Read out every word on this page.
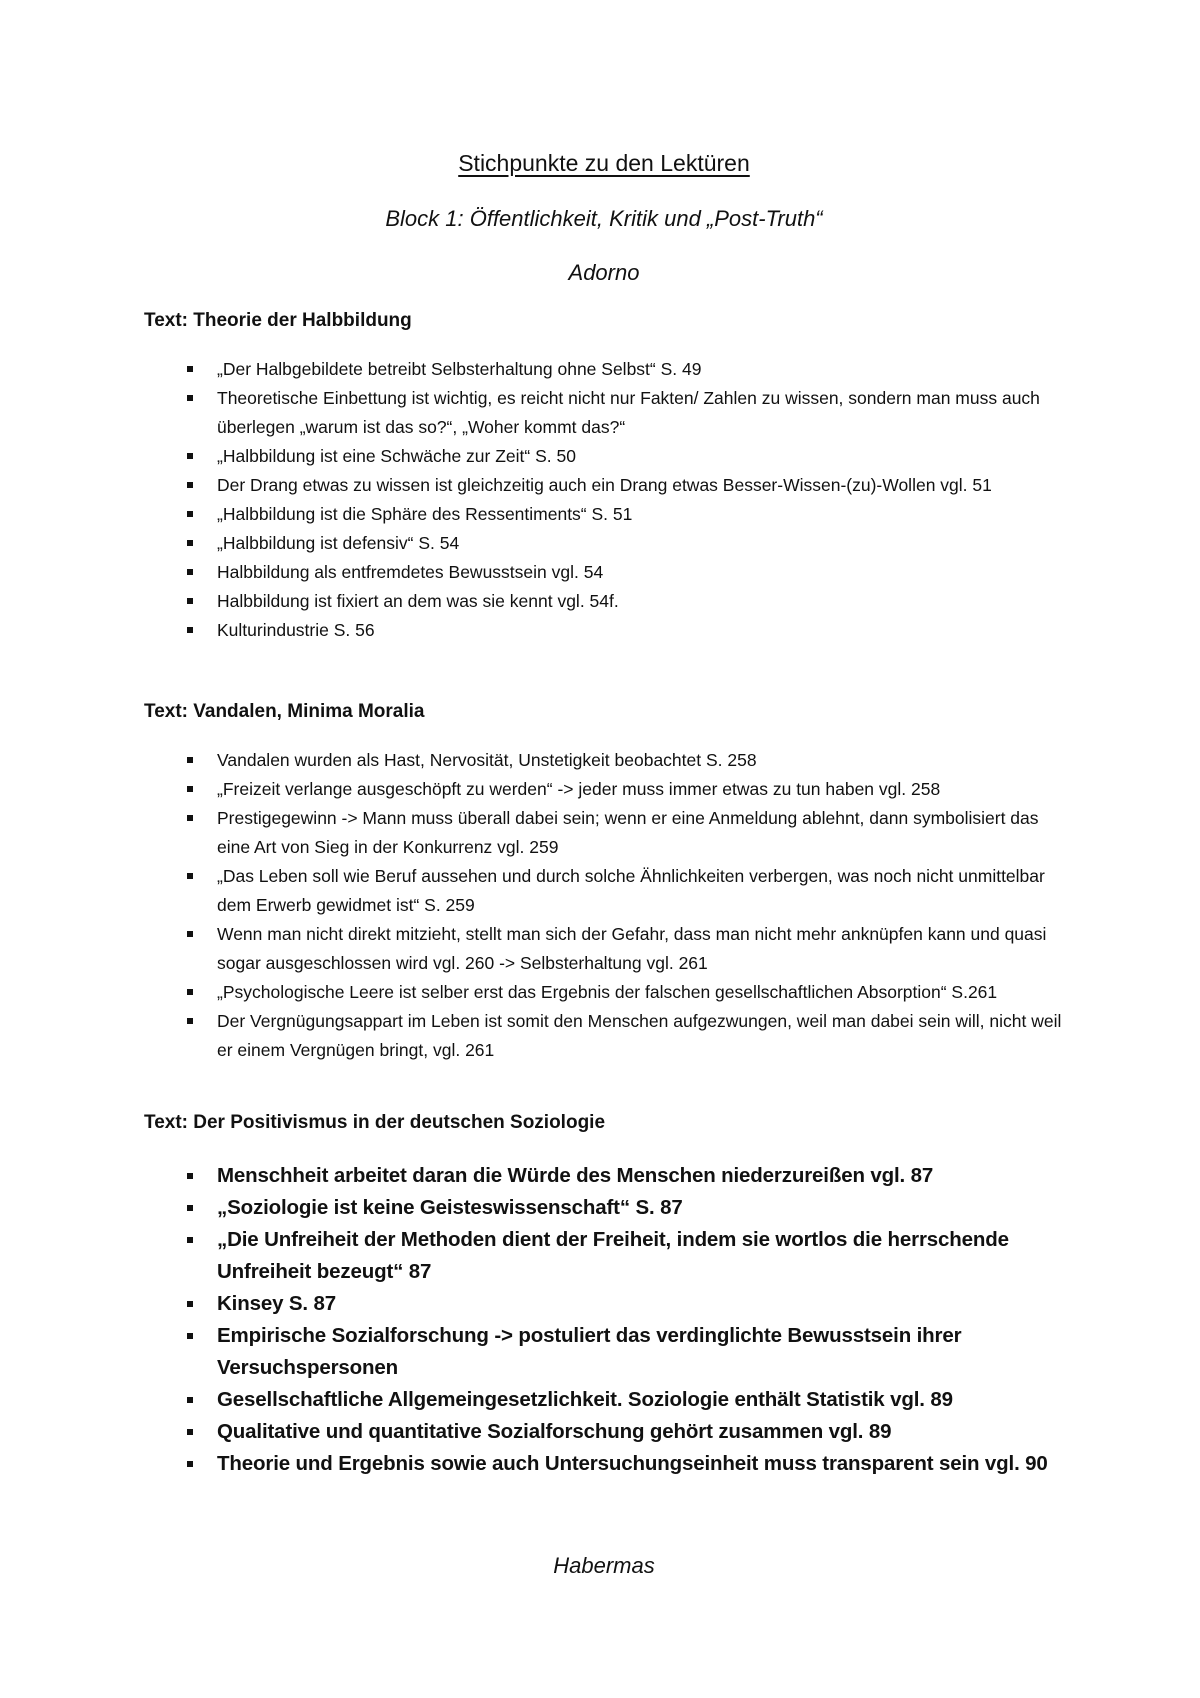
Stichpunkte zu den Lektüren
Block 1: Öffentlichkeit, Kritik und „Post-Truth“
Adorno
Text: Theorie der Halbbildung
„Der Halbgebildete betreibt Selbsterhaltung ohne Selbst“ S. 49
Theoretische Einbettung ist wichtig, es reicht nicht nur Fakten/ Zahlen zu wissen, sondern man muss auch überlegen „warum ist das so?“, „Woher kommt das?“
„Halbbildung ist eine Schwäche zur Zeit“ S. 50
Der Drang etwas zu wissen ist gleichzeitig auch ein Drang etwas Besser-Wissen-(zu)-Wollen vgl. 51
„Halbbildung ist die Sphäre des Ressentiments“ S. 51
„Halbbildung ist defensiv“ S. 54
Halbbildung als entfremdetes Bewusstsein vgl. 54
Halbbildung ist fixiert an dem was sie kennt vgl. 54f.
Kulturindustrie S. 56
Text: Vandalen, Minima Moralia
Vandalen wurden als Hast, Nervosität, Unstetigkeit beobachtet S. 258
„Freizeit verlange ausgeschöpft zu werden“ -> jeder muss immer etwas zu tun haben vgl. 258
Prestigegewinn -> Mann muss überall dabei sein; wenn er eine Anmeldung ablehnt, dann symbolisiert das eine Art von Sieg in der Konkurrenz vgl. 259
„Das Leben soll wie Beruf aussehen und durch solche Ähnlichkeiten verbergen, was noch nicht unmittelbar dem Erwerb gewidmet ist“ S. 259
Wenn man nicht direkt mitzieht, stellt man sich der Gefahr, dass man nicht mehr anknüpfen kann und quasi sogar ausgeschlossen wird vgl. 260 -> Selbsterhaltung vgl. 261
„Psychologische Leere ist selber erst das Ergebnis der falschen gesellschaftlichen Absorption“ S.261
Der Vergnügungsappart im Leben ist somit den Menschen aufgezwungen, weil man dabei sein will, nicht weil er einem Vergnügen bringt, vgl. 261
Text: Der Positivismus in der deutschen Soziologie
Menschheit arbeitet daran die Würde des Menschen niederzureißen vgl. 87
„Soziologie ist keine Geisteswissenschaft“ S. 87
„Die Unfreiheit der Methoden dient der Freiheit, indem sie wortlos die herrschende Unfreiheit bezeugt“ 87
Kinsey S. 87
Empirische Sozialforschung -> postuliert das verdinglichte Bewusstsein ihrer Versuchspersonen
Gesellschaftliche Allgemeingesetzlichkeit. Soziologie enthält Statistik vgl. 89
Qualitative und quantitative Sozialforschung gehört zusammen vgl. 89
Theorie und Ergebnis sowie auch Untersuchungseinheit muss transparent sein vgl. 90
Habermas
